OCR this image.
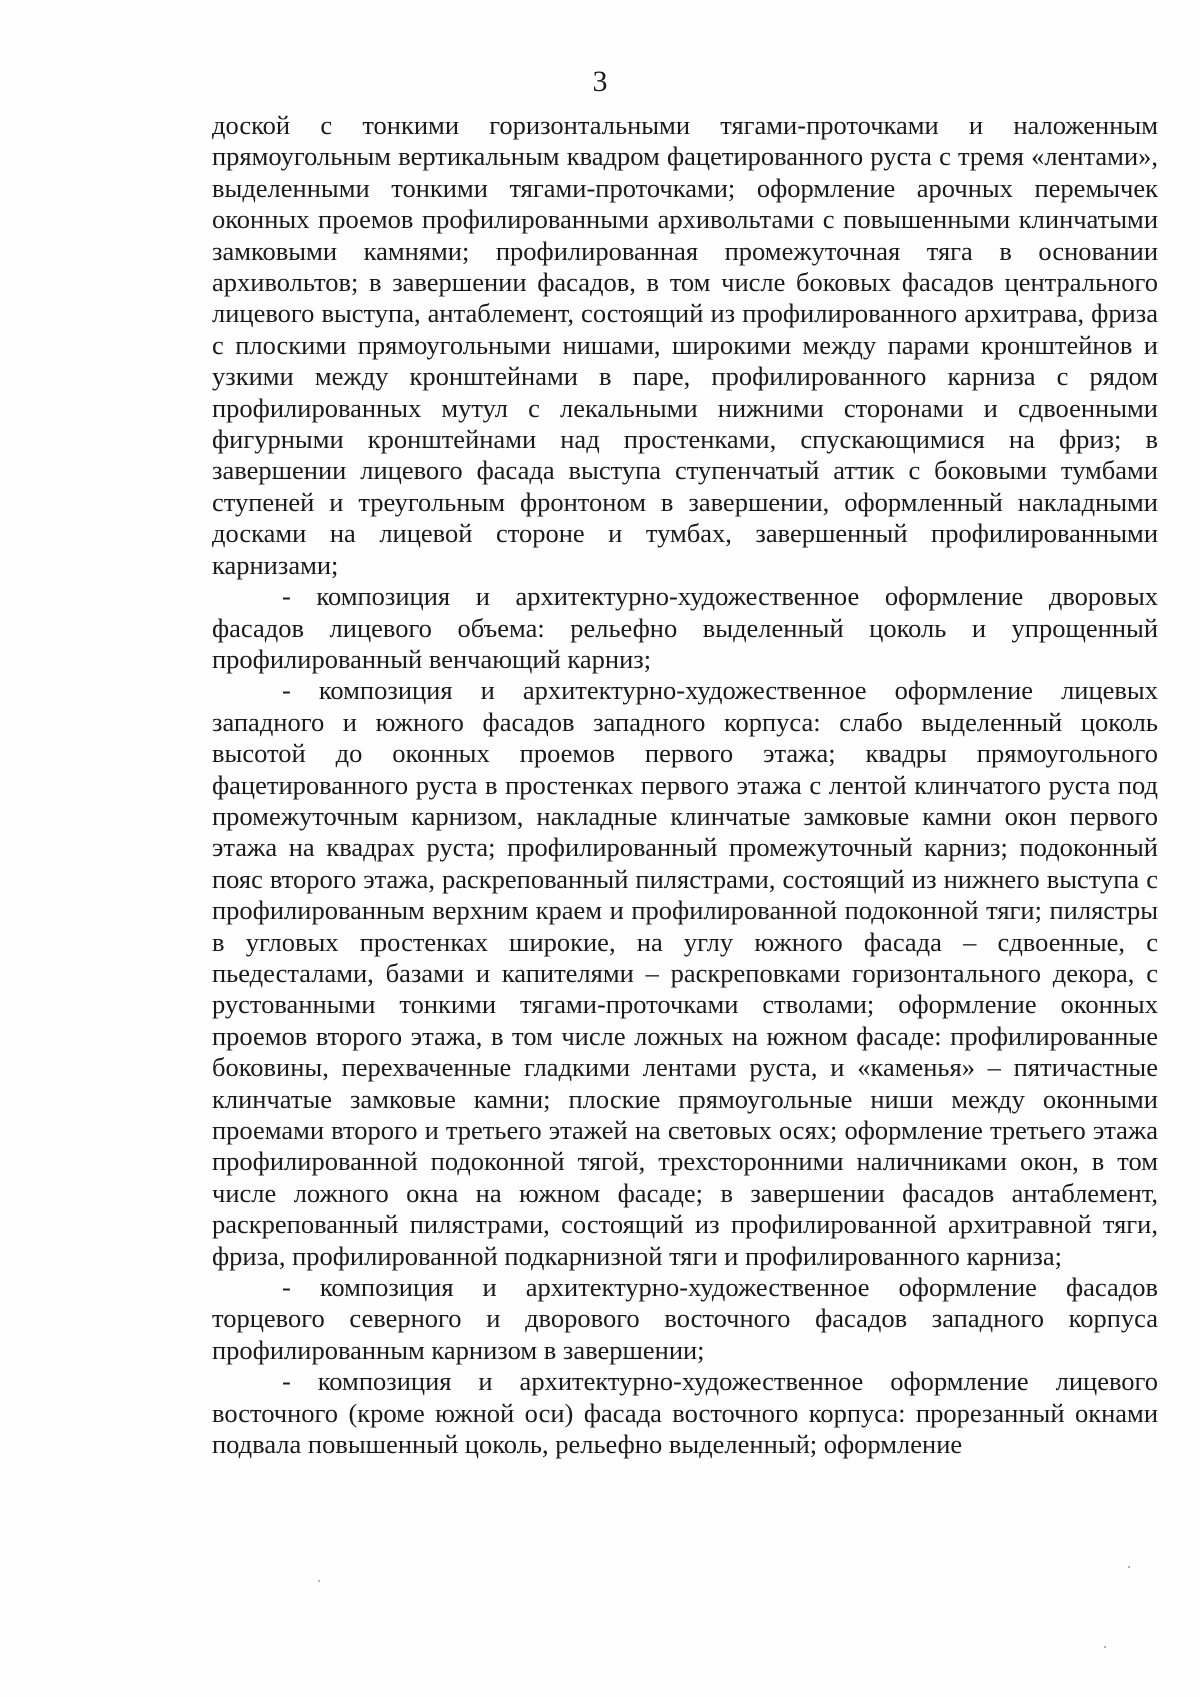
3

доской с тонкими горизонтальными тягами-проточками и наложенным прямоугольным вертикальным квадром фацетированного руста с тремя «лентами», выделенными тонкими тягами-проточками; оформление арочных перемычек оконных проемов профилированными архивольтами с повышенными клинчатыми замковыми камнями; профилированная промежуточная тяга в основании архивольтов; в завершении фасадов, в том числе боковых фасадов центрального лицевого выступа, антаблемент, состоящий из профилированного архитрава, фриза с плоскими прямоугольными нишами, широкими между парами кронштейнов и узкими между кронштейнами в паре, профилированного карниза с рядом профилированных мутул с лекальными нижними сторонами и сдвоенными фигурными кронштейнами над простенками, спускающимися на фриз; в завершении лицевого фасада выступа ступенчатый аттик с боковыми тумбами ступеней и треугольным фронтоном в завершении, оформленный накладными досками на лицевой стороне и тумбах, завершенный профилированными карнизами;

- композиция и архитектурно-художественное оформление дворовых фасадов лицевого объема: рельефно выделенный цоколь и упрощенный профилированный венчающий карниз;

- композиция и архитектурно-художественное оформление лицевых западного и южного фасадов западного корпуса: слабо выделенный цоколь высотой до оконных проемов первого этажа; квадры прямоугольного фацетированного руста в простенках первого этажа с лентой клинчатого руста под промежуточным карнизом, накладные клинчатые замковые камни окон первого этажа на квадрах руста; профилированный промежуточный карниз; подоконный пояс второго этажа, раскрепованный пилястрами, состоящий из нижнего выступа с профилированным верхним краем и профилированной подоконной тяги; пилястры в угловых простенках широкие, на углу южного фасада – сдвоенные, с пьедесталами, базами и капителями – раскреповками горизонтального декора, с рустованными тонкими тягами-проточками стволами; оформление оконных проемов второго этажа, в том числе ложных на южном фасаде: профилированные боковины, перехваченные гладкими лентами руста, и «каменья» – пятичастные клинчатые замковые камни; плоские прямоугольные ниши между оконными проемами второго и третьего этажей на световых осях; оформление третьего этажа профилированной подоконной тягой, трехсторонними наличниками окон, в том числе ложного окна на южном фасаде; в завершении фасадов антаблемент, раскрепованный пилястрами, состоящий из профилированной архитравной тяги, фриза, профилированной подкарнизной тяги и профилированного карниза;

- композиция и архитектурно-художественное оформление фасадов торцевого северного и дворового восточного фасадов западного корпуса профилированным карнизом в завершении;

- композиция и архитектурно-художественное оформление лицевого восточного (кроме южной оси) фасада восточного корпуса: прорезанный окнами подвала повышенный цоколь, рельефно выделенный; оформление
